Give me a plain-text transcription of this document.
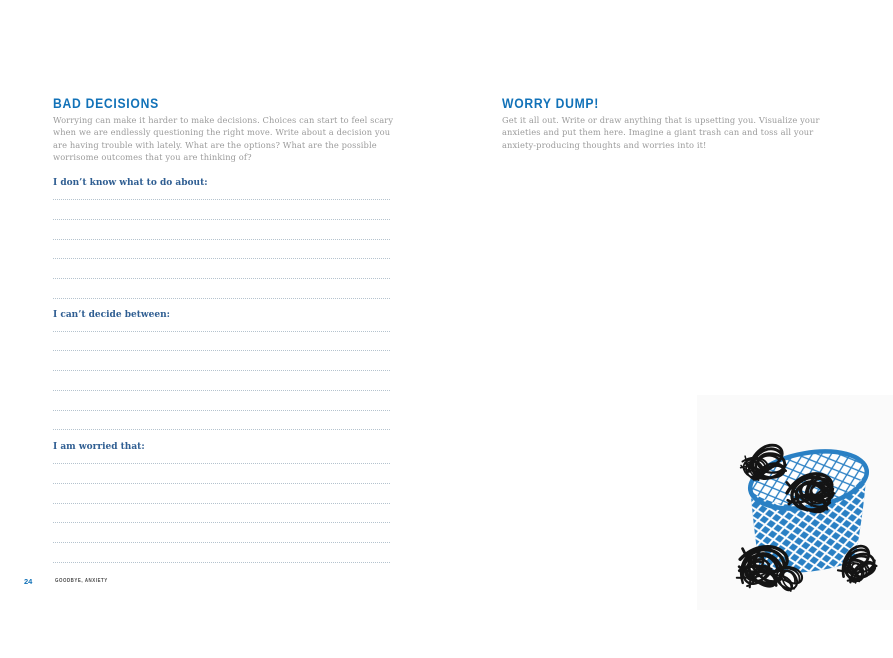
BAD DECISIONS
Worrying can make it harder to make decisions. Choices can start to feel scary when we are endlessly questioning the right move. Write about a decision you are having trouble with lately. What are the options? What are the possible worrisome outcomes that you are thinking of?
I don’t know what to do about:
I can’t decide between:
I am worried that:
24	GOODBYE, ANXIETY
WORRY DUMP!
Get it all out. Write or draw anything that is upsetting you. Visualize your anxieties and put them here. Imagine a giant trash can and toss all your anxiety-producing thoughts and worries into it!
